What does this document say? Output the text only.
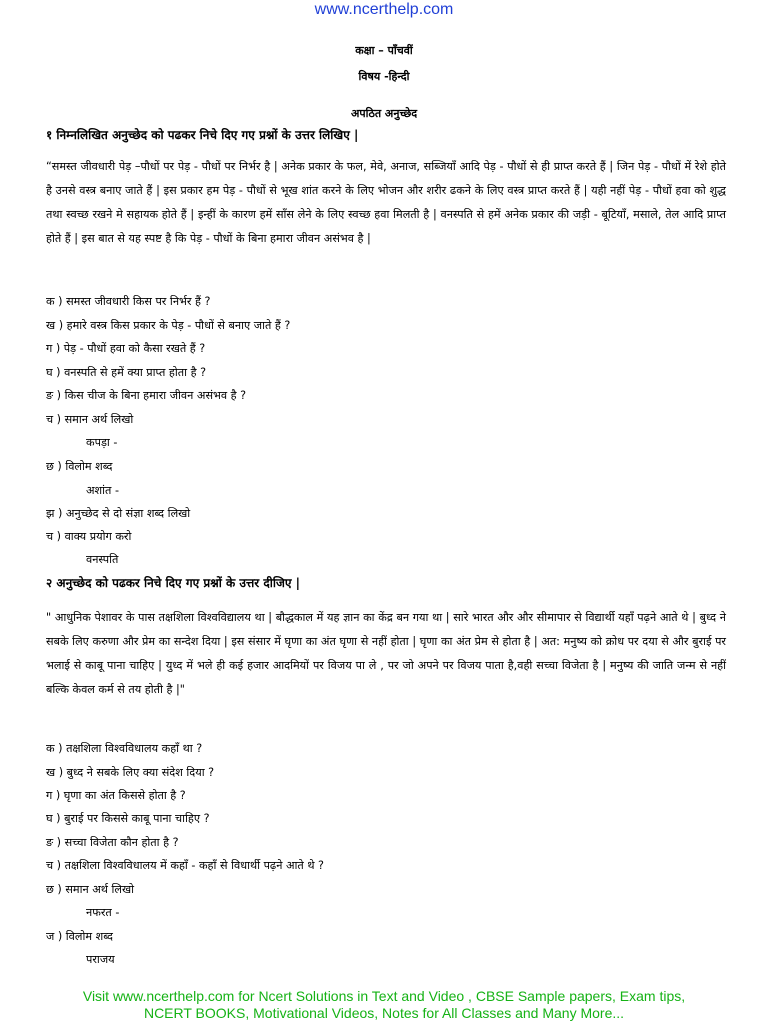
www.ncerthelp.com
कक्षा – पाँचवीं
विषय -हिन्दी
अपठित अनुच्छेद
१ निम्नलिखित अनुच्छेद को पढकर निचे दिए गए प्रश्नों के उत्तर लिखिए |
“समस्त जीवधारी पेड़ –पौधों पर पेड़ - पौधों पर निर्भर है | अनेक प्रकार के फल, मेवे, अनाज, सब्जियाँ आदि पेड़ - पौधों से ही प्राप्त करते हैं | जिन पेड़ - पौधों में रेशे होते है उनसे वस्त्र बनाए जाते हैं | इस प्रकार हम पेड़ - पौधों से भूख शांत करने के लिए भोजन और शरीर ढकने के लिए वस्त्र प्राप्त करते हैं | यही नहीं पेड़ - पौधों हवा को शुद्ध तथा स्वच्छ रखने मे सहायक होते हैं | इन्हीं के कारण हमें साँस लेने के लिए स्वच्छ हवा मिलती है | वनस्पति से हमें अनेक प्रकार की जड़ी - बूटियाँ, मसाले, तेल आदि प्राप्त होते हैं | इस बात से यह स्पष्ट है कि पेड़ - पौधों के बिना हमारा जीवन असंभव है |
क ) समस्त जीवधारी किस पर निर्भर हैं ?
ख ) हमारे वस्त्र किस प्रकार के पेड़ - पौधों से बनाए जाते हैं ?
ग ) पेड़ - पौधों हवा को कैसा रखते हैं ?
घ ) वनस्पति से हमें क्या प्राप्त होता है ?
ङ ) किस चीज के बिना हमारा जीवन असंभव है ?
च ) समान अर्थ लिखो
कपड़ा -
छ ) विलोम शब्द
अशांत -
झ ) अनुच्छेद से दो संज्ञा शब्द लिखो
च ) वाक्य प्रयोग करो
वनस्पति
२ अनुच्छेद को पढकर निचे दिए गए प्रश्नों के उत्तर दीजिए |
" आधुनिक पेशावर के पास तक्षशिला विश्वविद्यालय था | बौद्धकाल में यह ज्ञान का केंद्र बन गया था | सारे भारत और और सीमापार से विद्यार्थी यहाँ पढ़ने आते थे | बुध्द ने सबके लिए करुणा और प्रेम का सन्देश दिया | इस संसार में घृणा का अंत घृणा से नहीं होता | घृणा का अंत प्रेम से होता है | अत: मनुष्य को क्रोध पर दया से और बुराई पर भलाई से काबू पाना चाहिए | युध्द में भले ही कई हजार आदमियों पर विजय पा ले , पर जो अपने पर विजय पाता है,वही सच्चा विजेता है | मनुष्य की जाति जन्म से नहीं बल्कि केवल कर्म से तय होती है |"
क ) तक्षशिला विश्वविधालय कहाँ था ?
ख ) बुध्द ने सबके लिए क्या संदेश दिया ?
ग ) घृणा का अंत किससे होता है ?
घ ) बुराई पर किससे काबू पाना चाहिए ?
ङ ) सच्चा विजेता कौन होता है ?
च ) तक्षशिला विश्वविधालय में कहाँ - कहाँ से विधार्थी पढ़ने आते थे ?
छ ) समान अर्थ लिखो
नफरत -
ज ) विलोम शब्द
पराजय
Visit www.ncerthelp.com for Ncert Solutions in Text and Video , CBSE Sample papers, Exam tips,
NCERT BOOKS, Motivational Videos, Notes for All Classes and Many More...
